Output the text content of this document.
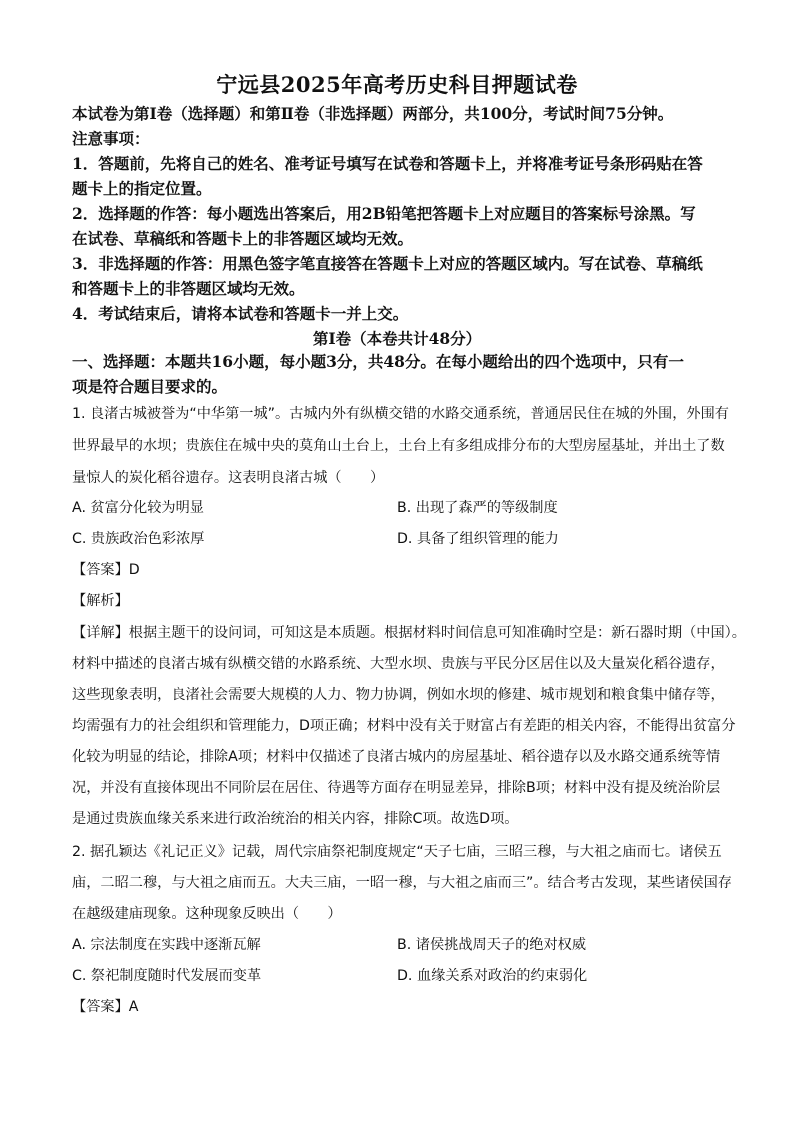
宁远县2025年高考历史科目押题试卷
本试卷为第Ⅰ卷（选择题）和第Ⅱ卷（非选择题）两部分，共100分，考试时间75分钟。
注意事项：
1．答题前，先将自己的姓名、准考证号填写在试卷和答题卡上，并将准考证号条形码贴在答
题卡上的指定位置。
2．选择题的作答：每小题选出答案后，用2B铅笔把答题卡上对应题目的答案标号涂黑。写
在试卷、草稿纸和答题卡上的非答题区域均无效。
3．非选择题的作答：用黑色签字笔直接答在答题卡上对应的答题区域内。写在试卷、草稿纸
和答题卡上的非答题区域均无效。
4．考试结束后，请将本试卷和答题卡一并上交。
第Ⅰ卷（本卷共计48分）
一、选择题：本题共16小题，每小题3分，共48分。在每小题给出的四个选项中，只有一
项是符合题目要求的。
1. 良渚古城被誉为“中华第一城”。古城内外有纵横交错的水路交通系统，普通居民住在城的外围，外围有
世界最早的水坝；贵族住在城中央的莫角山土台上，土台上有多组成排分布的大型房屋基址，并出土了数
量惊人的炭化稻谷遗存。这表明良渚古城（　　）
A. 贫富分化较为明显	B. 出现了森严的等级制度
C. 贵族政治色彩浓厚	D. 具备了组织管理的能力
【答案】D
【解析】
【详解】根据主题干的设问词，可知这是本质题。根据材料时间信息可知准确时空是：新石器时期（中国）。
材料中描述的良渚古城有纵横交错的水路系统、大型水坝、贵族与平民分区居住以及大量炭化稻谷遗存，
这些现象表明，良渚社会需要大规模的人力、物力协调，例如水坝的修建、城市规划和粮食集中储存等，
均需强有力的社会组织和管理能力，D项正确；材料中没有关于财富占有差距的相关内容，不能得出贫富分
化较为明显的结论，排除A项；材料中仅描述了良渚古城内的房屋基址、稻谷遗存以及水路交通系统等情
况，并没有直接体现出不同阶层在居住、待遇等方面存在明显差异，排除B项；材料中没有提及统治阶层
是通过贵族血缘关系来进行政治统治的相关内容，排除C项。故选D项。
2. 据孔颖达《礼记正义》记载，周代宗庙祭祀制度规定“天子七庙，三昭三穆，与大祖之庙而七。诸侯五
庙，二昭二穆，与大祖之庙而五。大夫三庙，一昭一穆，与大祖之庙而三”。结合考古发现，某些诸侯国存
在越级建庙现象。这种现象反映出（　　）
A. 宗法制度在实践中逐渐瓦解	B. 诸侯挑战周天子的绝对权威
C. 祭祀制度随时代发展而变革	D. 血缘关系对政治的约束弱化
【答案】A
